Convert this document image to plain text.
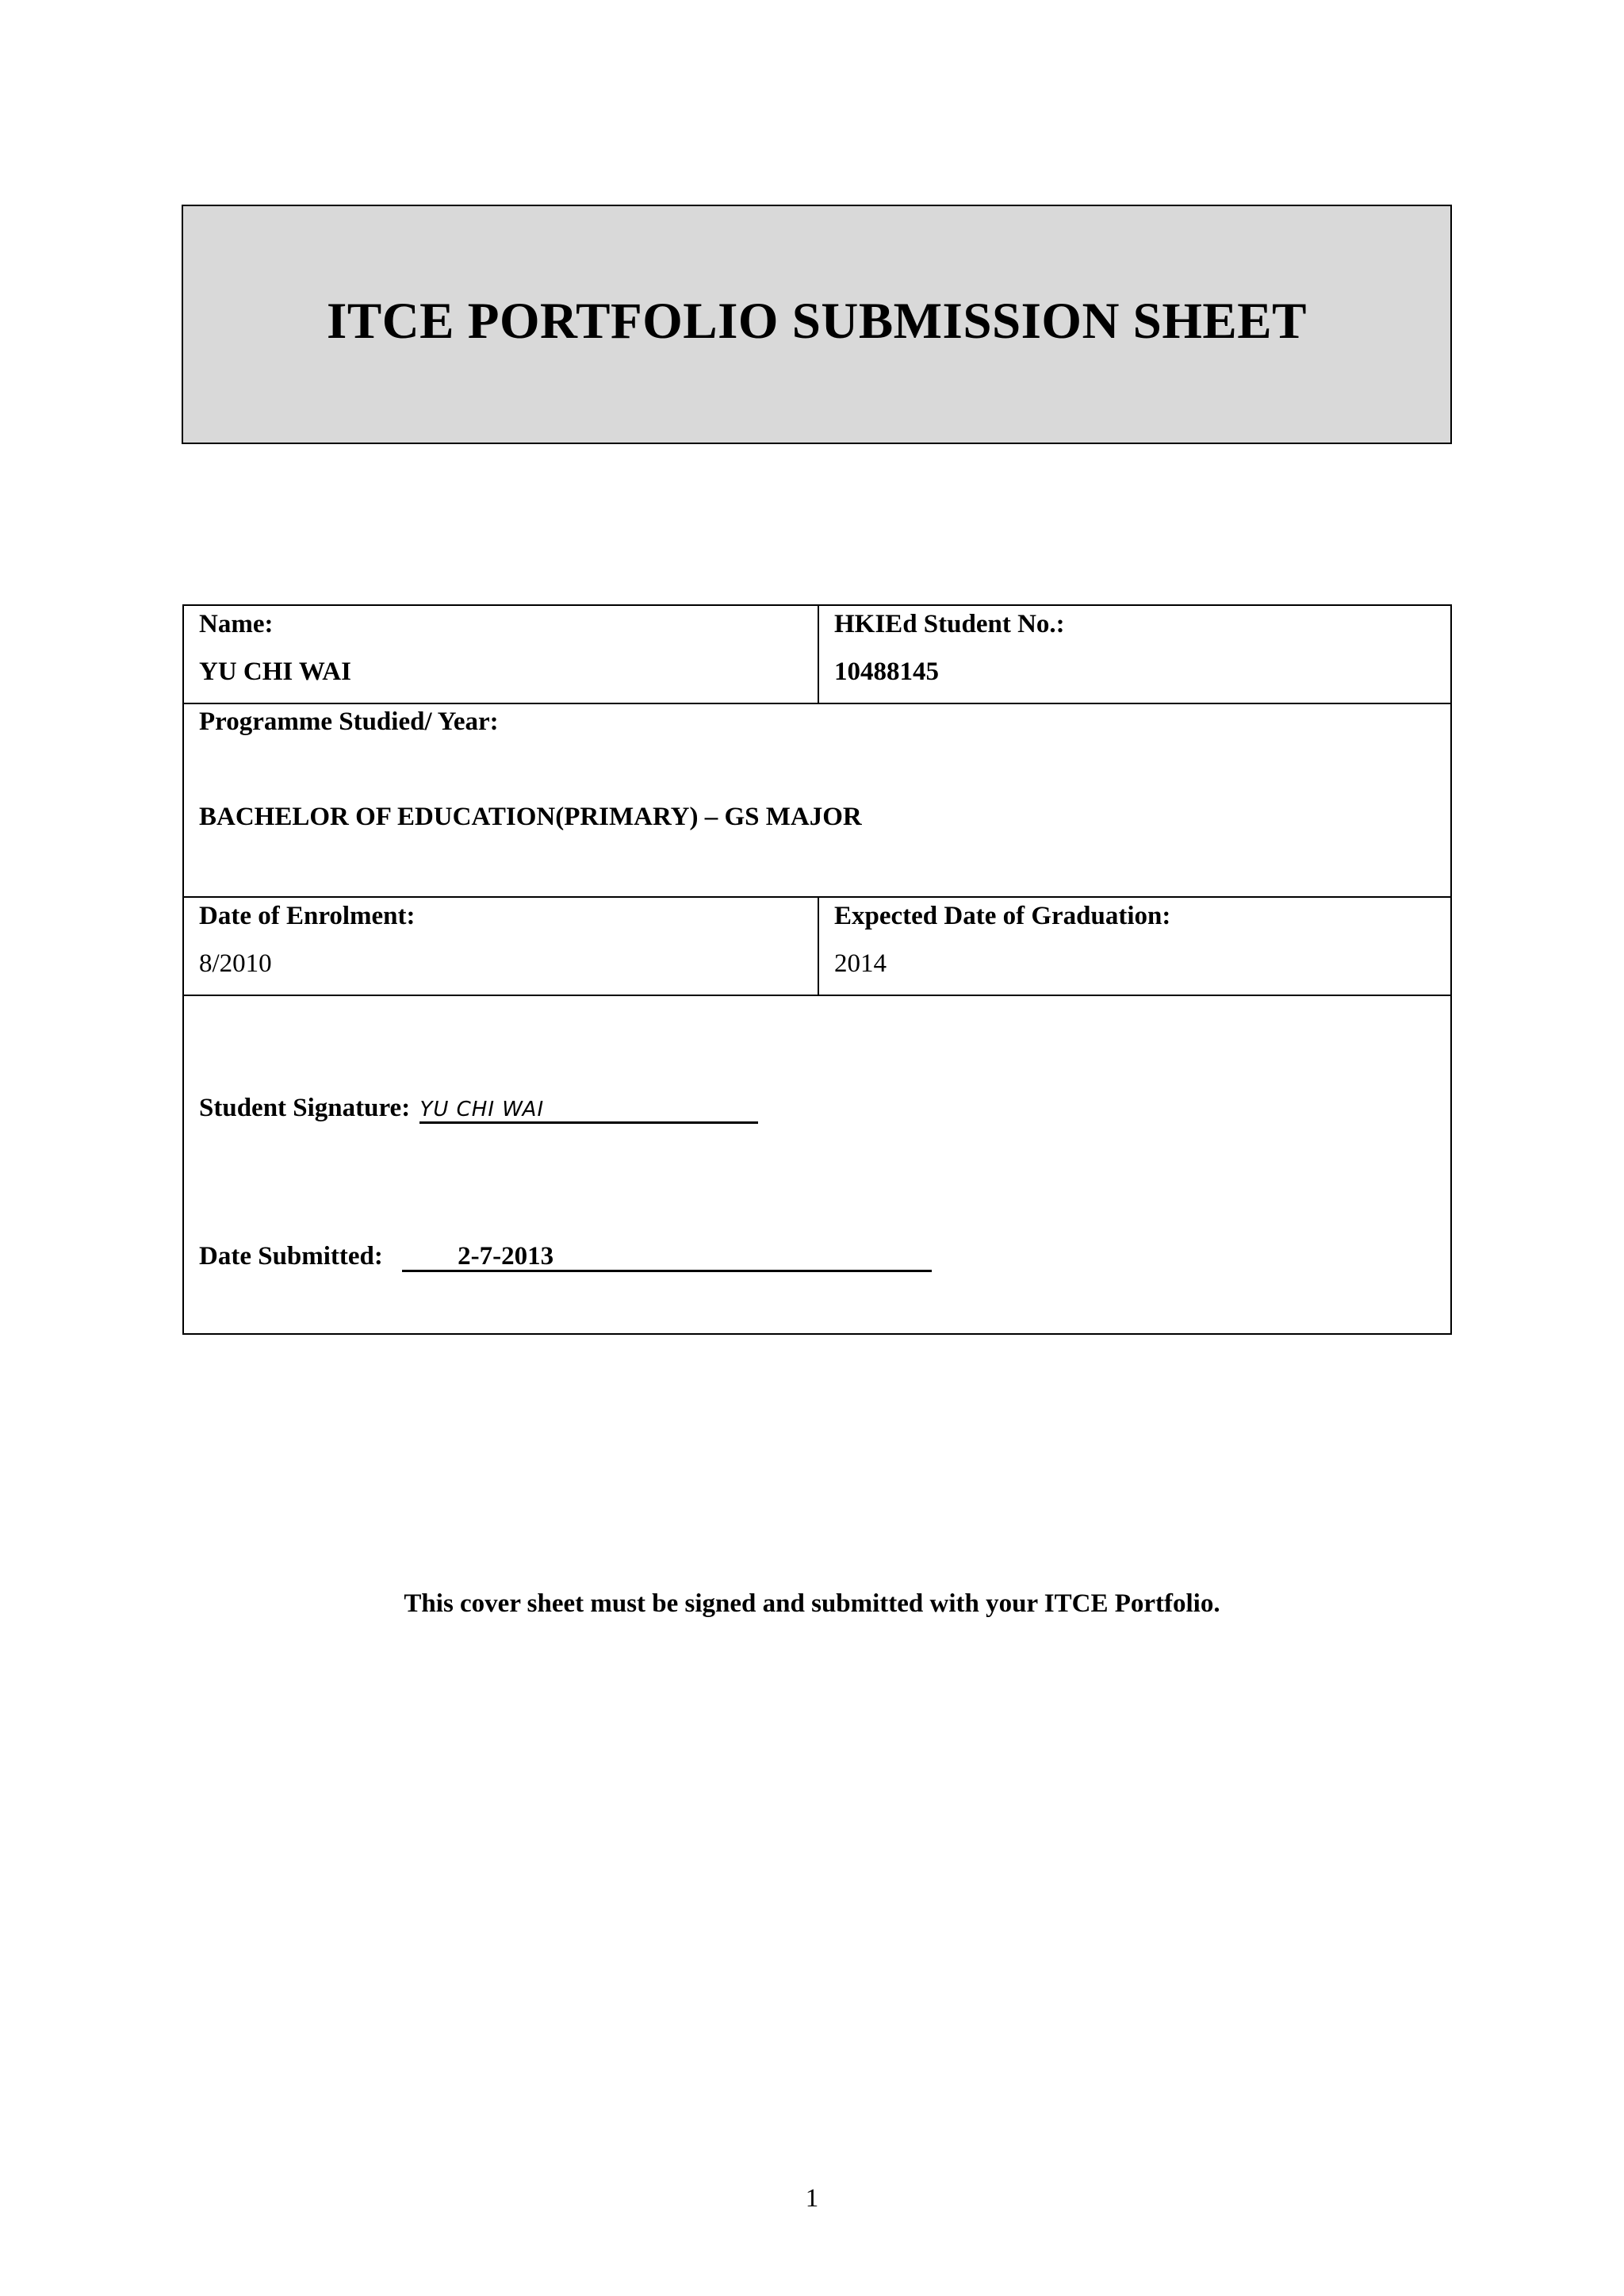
ITCE PORTFOLIO SUBMISSION SHEET
Name:
YU CHI WAI
HKIEd Student No.:
10488145
Programme Studied/ Year:
BACHELOR OF EDUCATION(PRIMARY) – GS MAJOR
Date of Enrolment:
8/2010
Expected Date of Graduation:
2014
Student Signature: YU CHI WAI
Date Submitted:	2-7-2013
This cover sheet must be signed and submitted with your ITCE Portfolio.
1
